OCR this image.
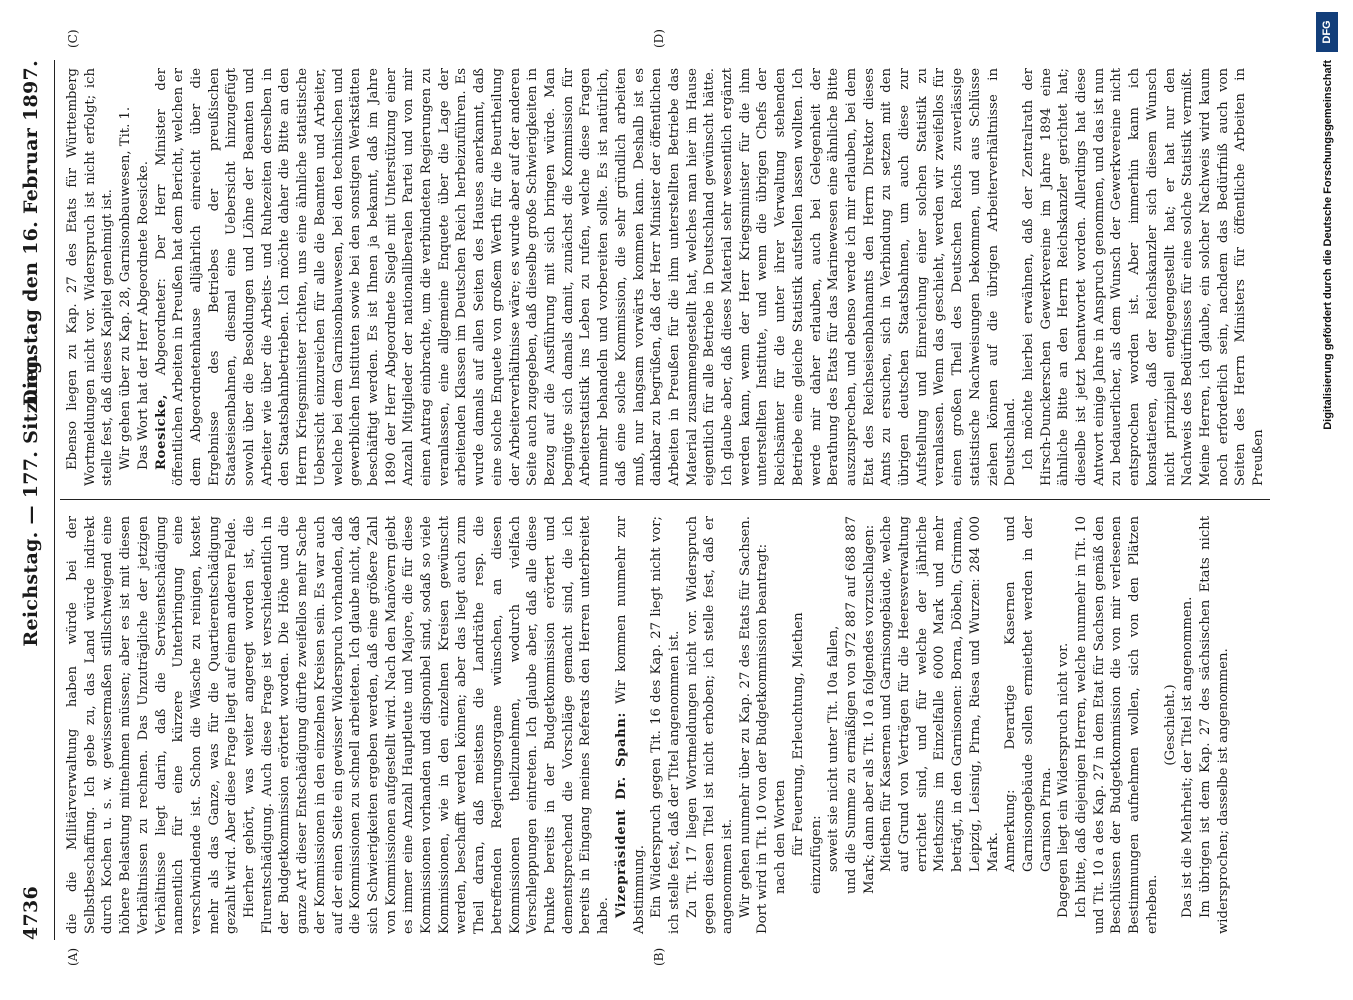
4736
Reichstag. — 177. Sitzung.
Dienstag den 16. Februar 1897.
(A)	(B)
(C)	(D)

die die Militärverwaltung haben würde bei der Selbstbeschaffung. Ich gebe zu, das Land würde indirekt durch Kochen u. s. w. gewissermaßen stillschweigend eine höhere Belastung mitnehmen müssen; aber es ist mit diesen Verhältnissen zu rechnen. Das Unzuträgliche der jetzigen Verhältnisse liegt darin, daß die Servisentschädigung namentlich für eine kürzere Unterbringung eine verschwindende ist. Schon die Wäsche zu reinigen, kostet mehr als das Ganze, was für die Quartierentschädigung gezahlt wird. Aber diese Frage liegt auf einem anderen Felde. Hierher gehört, was weiter angeregt worden ist, die Flurentschädigung. Auch diese Frage ist verschiedentlich in der Budgetkommission erörtert worden. Die Höhe und die ganze Art dieser Entschädigung dürfte zweifellos mehr Sache der Kommissionen in den einzelnen Kreisen sein. Es war auch auf der einen Seite ein gewisser Widerspruch vorhanden, daß die Kommissionen zu schnell arbeiteten. Ich glaube nicht, daß sich Schwierigkeiten ergeben werden, daß eine größere Zahl von Kommissionen aufgestellt wird. Nach den Manövern giebt es immer eine Anzahl Hauptleute und Majore, die für diese Kommissionen vorhanden und disponibel sind, sodaß so viele Kommissionen, wie in den einzelnen Kreisen gewünscht werden, beschafft werden können; aber das liegt auch zum Theil daran, daß meistens die Landräthe resp. die betreffenden Regierungsorgane wünschen, an diesen Kommissionen theilzunehmen, wodurch vielfach Verschleppungen eintreten. Ich glaube aber, daß alle diese Punkte bereits in der Budgetkommission erörtert und dementsprechend die Vorschläge gemacht sind, die ich bereits in Eingang meines Referats den Herren unterbreitet habe. Vizepräsident Dr. Spahn: Wir kommen nunmehr zur Abstimmung. Ein Widerspruch gegen Tit. 16 des Kap. 27 liegt nicht vor; ich stelle fest, daß der Titel angenommen ist. Zu Tit. 17 liegen Wortmeldungen nicht vor. Widerspruch gegen diesen Titel ist nicht erhoben; ich stelle fest, daß er angenommen ist. Wir gehen nunmehr über zu Kap. 27 des Etats für Sachsen. Dort wird in Tit. 10 von der Budgetkommission beantragt: nach den Worten für Feuerung, Erleuchtung, Miethen einzufügen: soweit sie nicht unter Tit. 10a fallen, und die Summe zu ermäßigen von 972 887 auf 688 887 Mark; dann aber als Tit. 10 a folgendes vorzuschlagen: Miethen für Kasernen und Garnisongebäude, welche auf Grund von Verträgen für die Heeresverwaltung errichtet sind, und für welche der jährliche Miethszins im Einzelfalle 6000 Mark und mehr beträgt, in den Garnisonen: Borna, Döbeln, Grimma, Leipzig, Leisnig, Pirna, Riesa und Wurzen: 284 000 Mark. Anmerkung: Derartige Kasernen und Garnisongebäude sollen ermiethet werden in der Garnison Pirna. Dagegen liegt ein Widerspruch nicht vor. Ich bitte, daß diejenigen Herren, welche nunmehr in Tit. 10 und Tit. 10 a des Kap. 27 in dem Etat für Sachsen gemäß den Beschlüssen der Budgetkommission die von mir verlesenen Bestimmungen aufnehmen wollen, sich von den Plätzen erheben.

(Geschieht.) Das ist die Mehrheit; der Titel ist angenommen. Im übrigen ist dem Kap. 27 des sächsischen Etats nicht widersprochen; dasselbe ist angenommen.

Ebenso liegen zu Kap. 27 des Etats für Württemberg Wortmeldungen nicht vor. Widerspruch ist nicht erfolgt; ich stelle fest, daß dieses Kapitel genehmigt ist. Wir gehen über zu Kap. 28, Garnisonbauwesen, Tit. 1. Das Wort hat der Herr Abgeordnete Roesicke. Roesicke, Abgeordneter: Der Herr Minister der öffentlichen Arbeiten in Preußen hat dem Bericht, welchen er dem Abgeordnetenhause alljährlich einreicht über die Ergebnisse des Betriebes der preußischen Staatseisenbahnen, diesmal eine Uebersicht hinzugefügt sowohl über die Besoldungen und Löhne der Beamten und Arbeiter wie über die Arbeits- und Ruhezeiten derselben in den Staatsbahnbetrieben. Ich möchte daher die Bitte an den Herrn Kriegsminister richten, uns eine ähnliche statistische Uebersicht einzureichen für alle die Beamten und Arbeiter, welche bei dem Garnisonbauwesen, bei den technischen und gewerblichen Instituten sowie bei den sonstigen Werkstätten beschäftigt werden. Es ist Ihnen ja bekannt, daß im Jahre 1890 der Herr Abgeordnete Siegle mit Unterstützung einer Anzahl Mitglieder der nationalliberalen Partei und von mir einen Antrag einbrachte, um die verbündeten Regierungen zu veranlassen, eine allgemeine Enquete über die Lage der arbeitenden Klassen im Deutschen Reich herbeizuführen. Es wurde damals auf allen Seiten des Hauses anerkannt, daß eine solche Enquete von großem Werth für die Beurtheilung der Arbeiterverhältnisse wäre; es wurde aber auf der anderen Seite auch zugegeben, daß dieselbe große Schwierigkeiten in Bezug auf die Ausführung mit sich bringen würde. Man begnügte sich damals damit, zunächst die Kommission für Arbeiterstatistik ins Leben zu rufen, welche diese Fragen nunmehr behandeln und vorbereiten sollte. Es ist natürlich, daß eine solche Kommission, die sehr gründlich arbeiten muß, nur langsam vorwärts kommen kann. Deshalb ist es dankbar zu begrüßen, daß der Herr Minister der öffentlichen Arbeiten in Preußen für die ihm unterstellten Betriebe das Material zusammengestellt hat, welches man hier im Hause eigentlich für alle Betriebe in Deutschland gewünscht hätte. Ich glaube aber, daß dieses Material sehr wesentlich ergänzt werden kann, wenn der Herr Kriegsminister für die ihm unterstellten Institute, und wenn die übrigen Chefs der Reichsämter für die unter ihrer Verwaltung stehenden Betriebe eine gleiche Statistik aufstellen lassen wollten. Ich werde mir daher erlauben, auch bei Gelegenheit der Berathung des Etats für das Marinewesen eine ähnliche Bitte auszusprechen, und ebenso werde ich mir erlauben, bei dem Etat des Reichseisenbahnamts den Herrn Direktor dieses Amts zu ersuchen, sich in Verbindung zu setzen mit den übrigen deutschen Staatsbahnen, um auch diese zur Aufstellung und Einreichung einer solchen Statistik zu veranlassen. Wenn das geschieht, werden wir zweifellos für einen großen Theil des Deutschen Reichs zuverlässige statistische Nachweisungen bekommen, und aus Schlüsse ziehen können auf die übrigen Arbeiterverhältnisse in Deutschland. Ich möchte hierbei erwähnen, daß der Zentralrath der Hirsch-Dunckerschen Gewerkvereine im Jahre 1894 eine ähnliche Bitte an den Herrn Reichskanzler gerichtet hat; dieselbe ist jetzt beantwortet worden. Allerdings hat diese Antwort einige Jahre in Anspruch genommen, und das ist nun zu bedauerlicher, als dem Wunsch der Gewerkvereine nicht entsprochen worden ist. Aber immerhin kann ich konstatieren, daß der Reichskanzler sich diesem Wunsch nicht prinzipiell entgegengestellt hat; er hat nur den Nachweis des Bedürfnisses für eine solche Statistik vermißt. Meine Herren, ich glaube, ein solcher Nachweis wird kaum noch erforderlich sein, nachdem das Bedürfniß auch von Seiten des Herrn Ministers für öffentliche Arbeiten in Preußen

Digitalisierung gefördert durch die Deutsche Forschungsgemeinschaft
DFG
